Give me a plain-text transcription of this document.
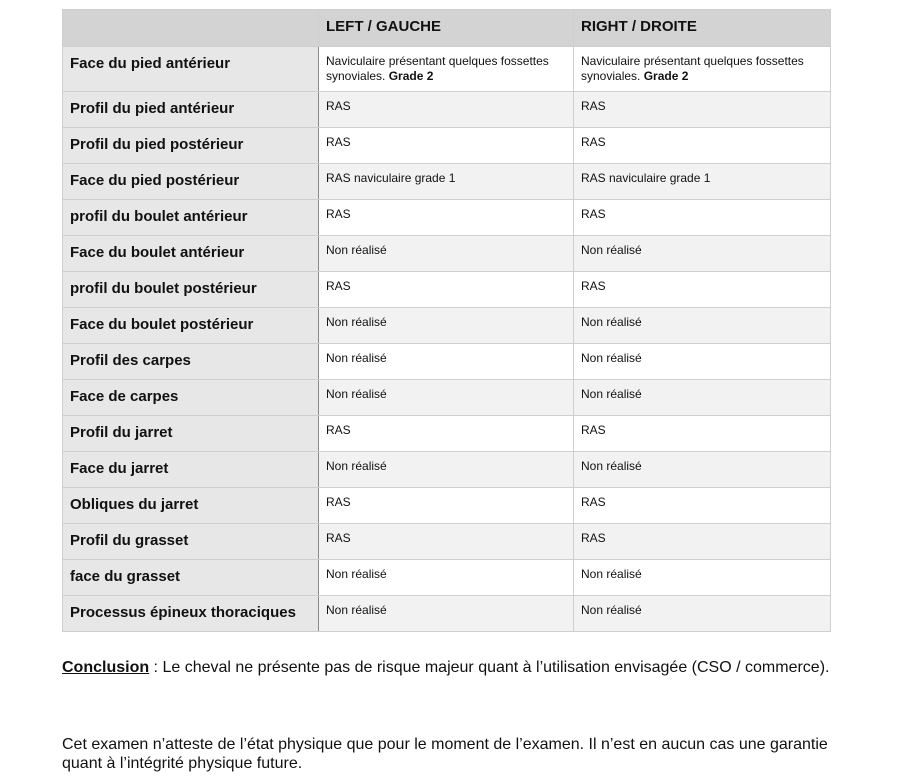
	LEFT / GAUCHE	RIGHT / DROITE
Face du pied antérieur	Naviculaire présentant quelques fossettes synoviales. Grade 2	Naviculaire présentant quelques fossettes synoviales. Grade 2
Profil du pied antérieur	RAS	RAS
Profil du pied postérieur	RAS	RAS
Face du pied postérieur	RAS naviculaire grade 1	RAS naviculaire grade 1
profil du boulet antérieur	RAS	RAS
Face du boulet antérieur	Non réalisé	Non réalisé
profil du boulet postérieur	RAS	RAS
Face du boulet postérieur	Non réalisé	Non réalisé
Profil des carpes	Non réalisé	Non réalisé
Face de carpes	Non réalisé	Non réalisé
Profil du jarret	RAS	RAS
Face du jarret	Non réalisé	Non réalisé
Obliques du jarret	RAS	RAS
Profil du grasset	RAS	RAS
face du grasset	Non réalisé	Non réalisé
Processus épineux thoraciques	Non réalisé	Non réalisé

Conclusion : Le cheval ne présente pas de risque majeur quant à l’utilisation envisagée (CSO / commerce).

Cet examen n’atteste de l’état physique que pour le moment de l’examen. Il n’est en aucun cas une garantie quant à l’intégrité physique future.
